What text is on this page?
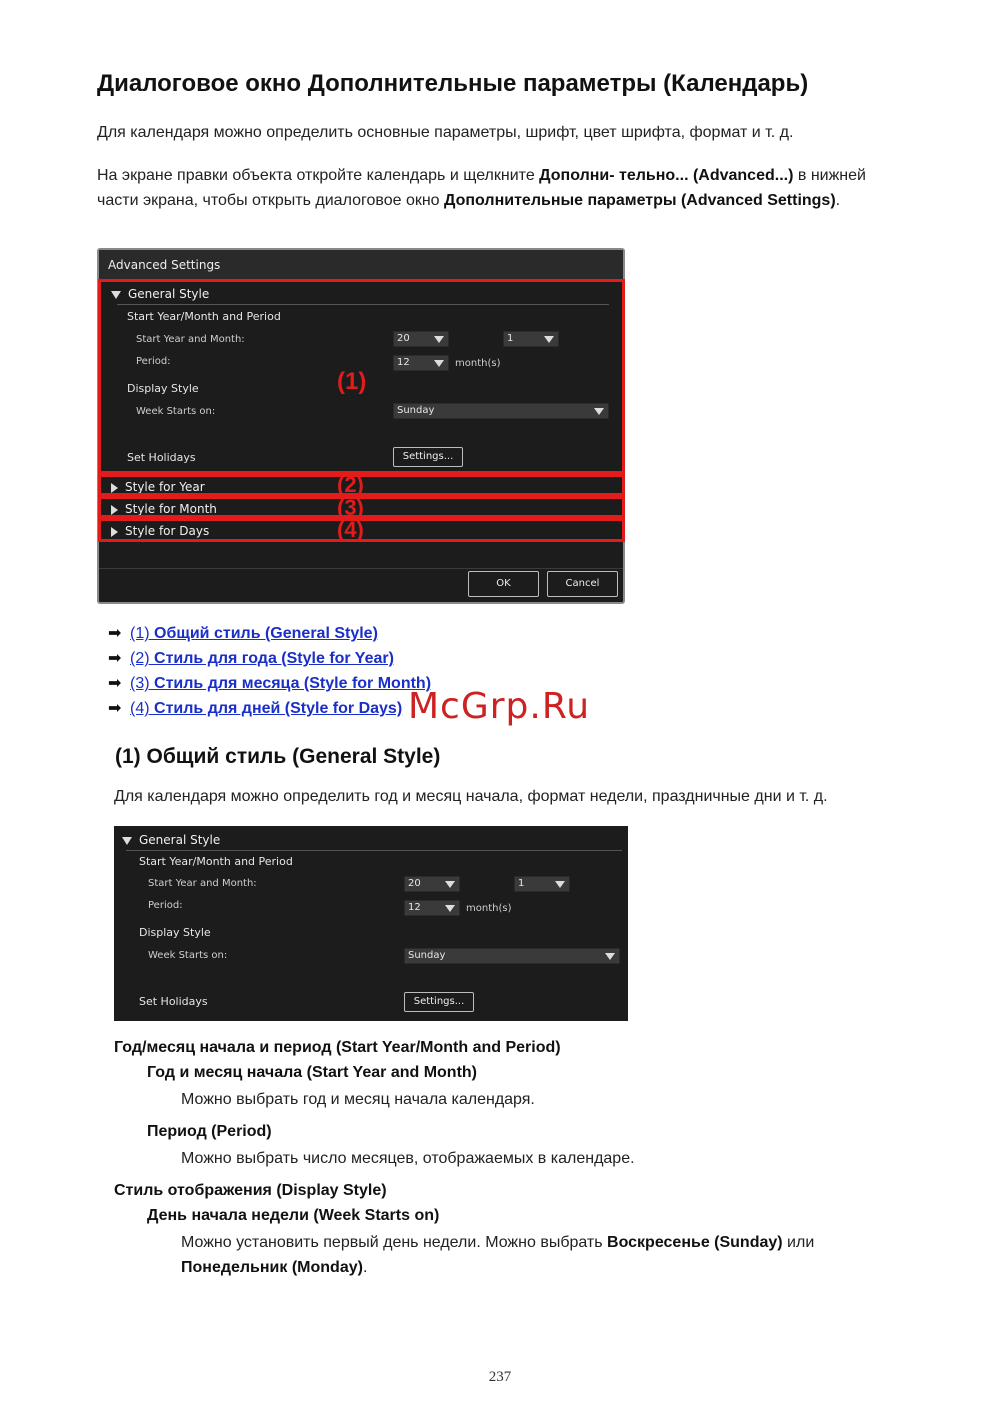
Диалоговое окно Дополнительные параметры (Календарь)

Для календаря можно определить основные параметры, шрифт, цвет шрифта, формат и т. д.

На экране правки объекта откройте календарь и щелкните Дополни- тельно... (Advanced...) в нижней части экрана, чтобы открыть диалоговое окно Дополнительные параметры (Advanced Settings).

Advanced Settings
General Style
Start Year/Month and Period
Start Year and Month:	20	1
Period:	12	month(s)
Display Style
Week Starts on:	Sunday
Set Holidays	Settings...
Style for Year
Style for Month
Style for Days
OK	Cancel
(1)
(2)
(3)
(4)
➡ (1) Общий стиль (General Style)
➡ (2) Стиль для года (Style for Year)
➡ (3) Стиль для месяца (Style for Month)
➡ (4) Стиль для дней (Style for Days) McGrp.Ru
(1) Общий стиль (General Style)

Для календаря можно определить год и месяц начала, формат недели, праздничные дни и т. д.

General Style
Start Year/Month and Period
Start Year and Month:	20	1
Period:	12	month(s)
Display Style
Week Starts on:	Sunday
Set Holidays	Settings...
Год/месяц начала и период (Start Year/Month and Period)
Год и месяц начала (Start Year and Month)
Можно выбрать год и месяц начала календаря.
Период (Period)
Можно выбрать число месяцев, отображаемых в календаре.
Стиль отображения (Display Style)
День начала недели (Week Starts on)
Можно установить первый день недели. Можно выбрать Воскресенье (Sunday) или
Понедельник (Monday).
237
